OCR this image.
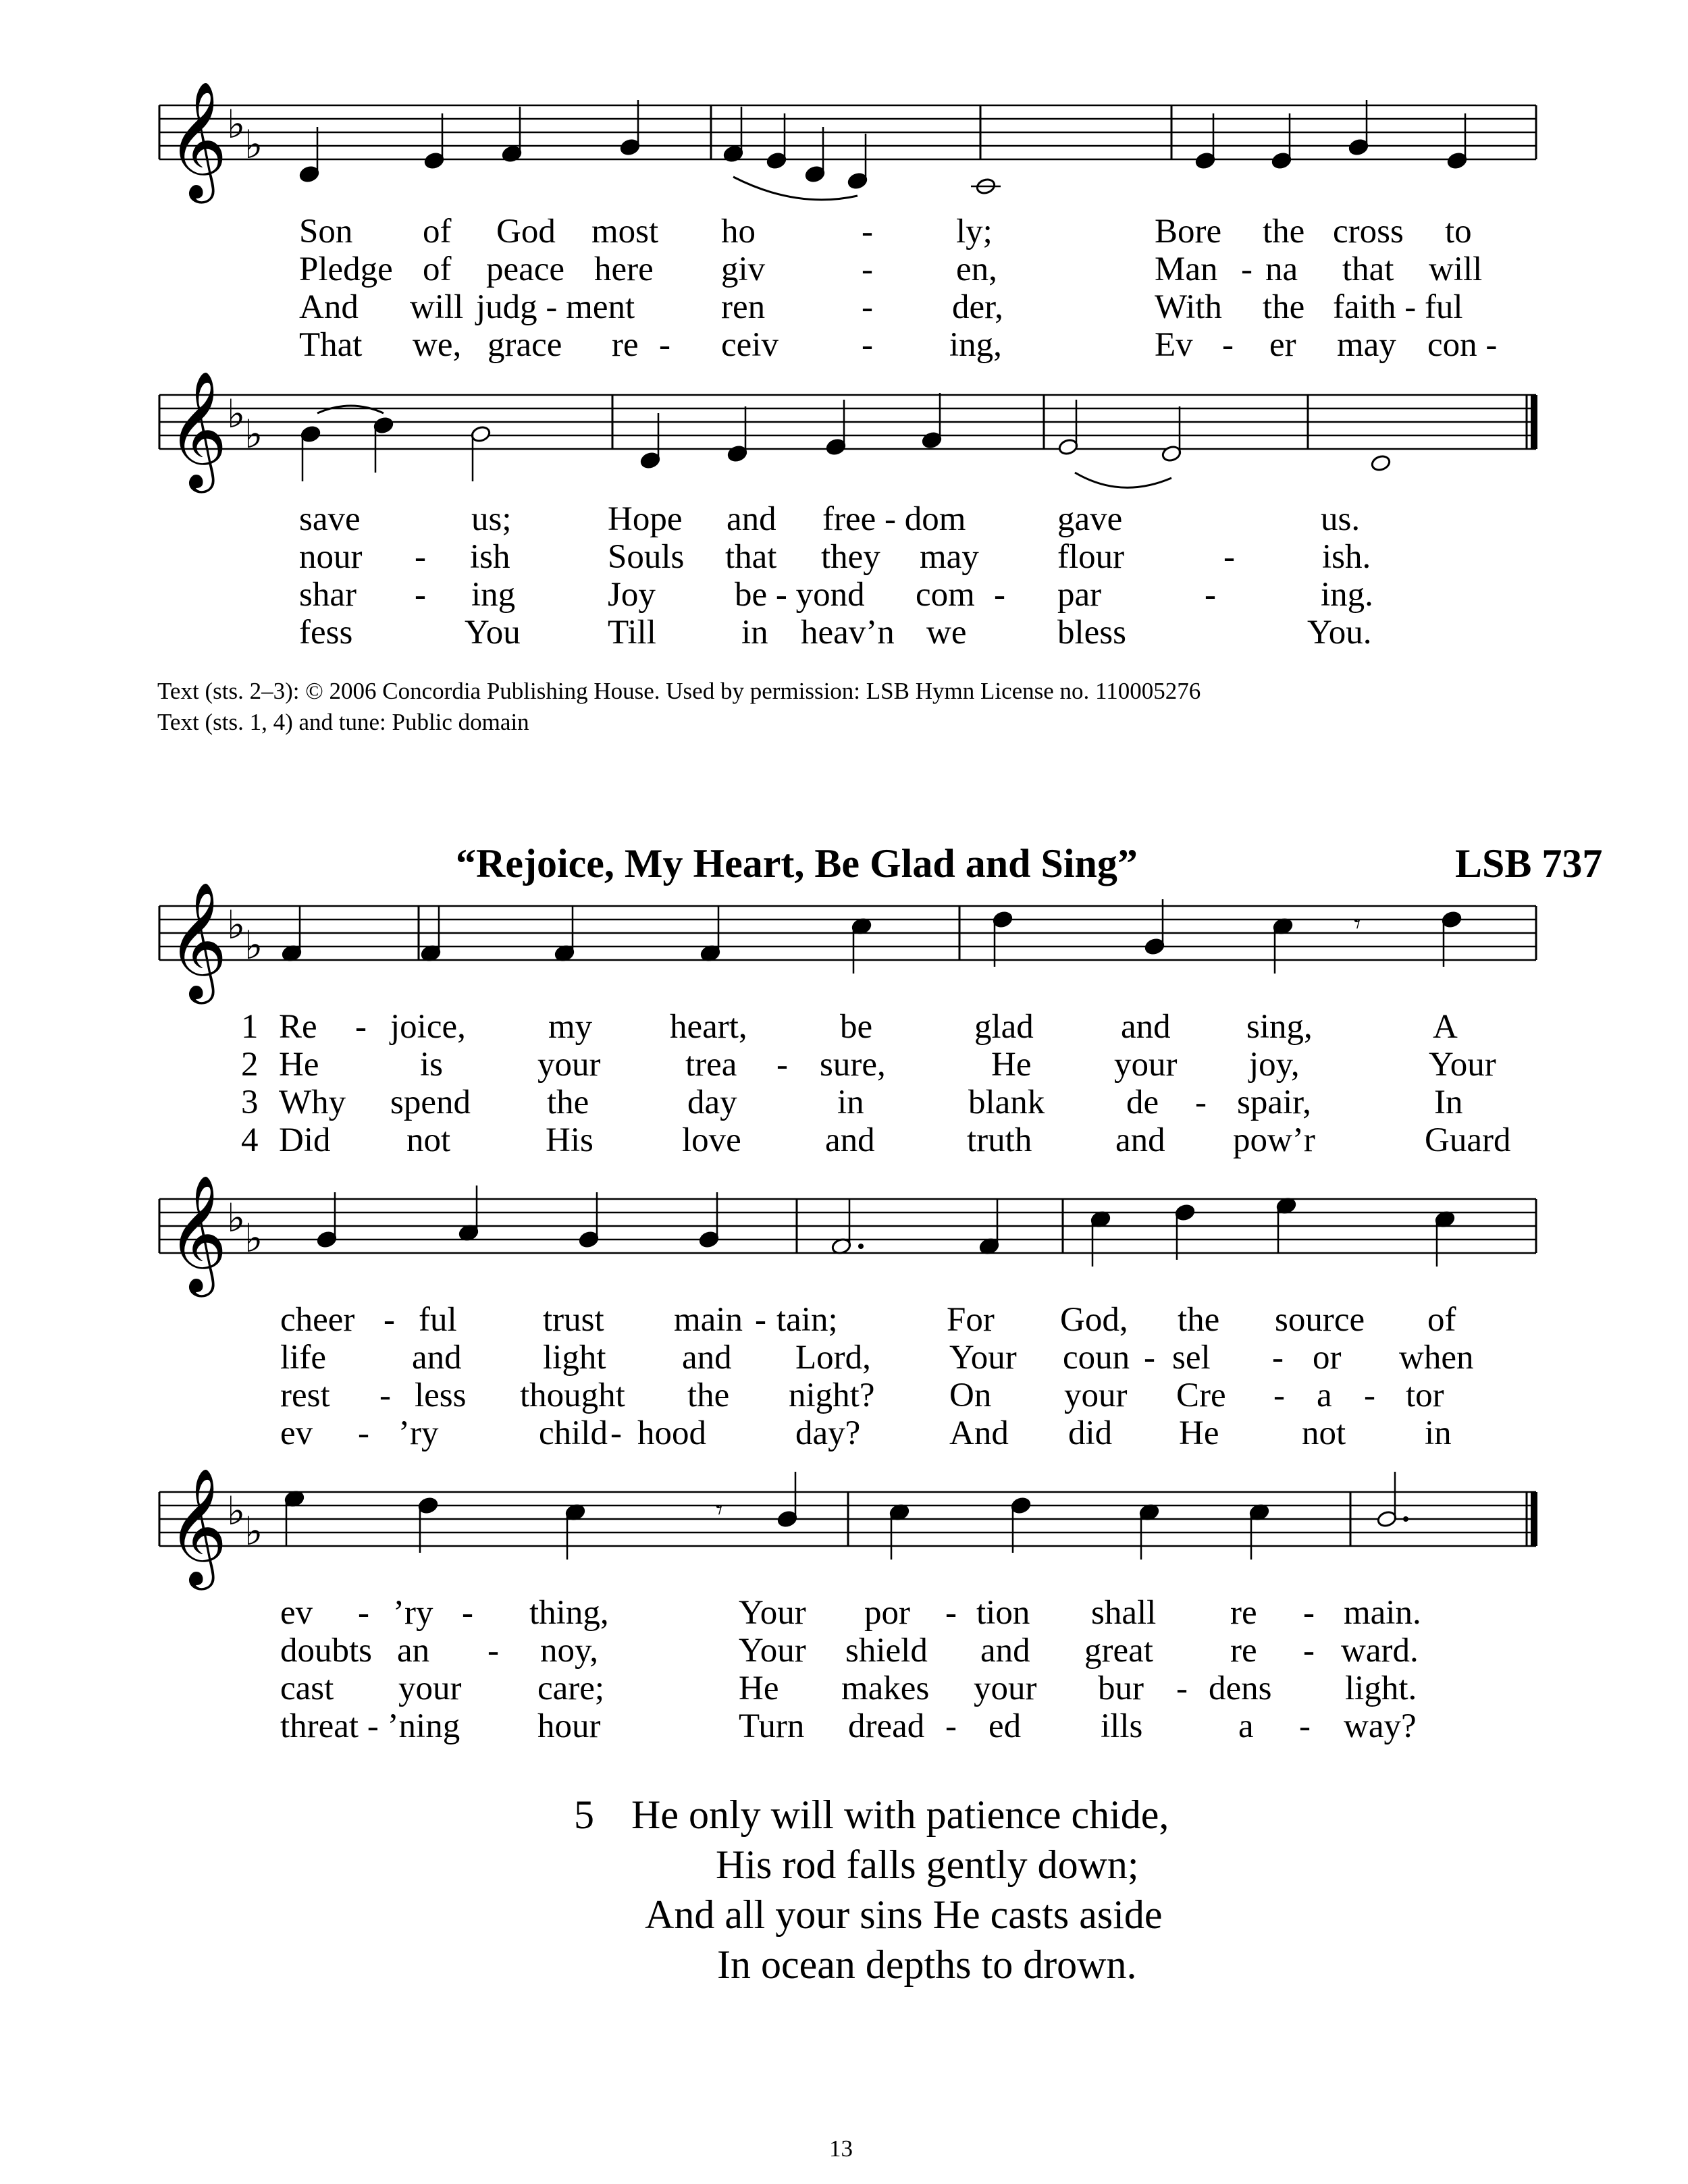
𝄞 ♭
♭
𝄞 ♭
♭
𝄞 ♭
♭
𝄞 ♭
♭
𝄞 ♭
♭
𝄾
𝄾
Son of God most ho	- ly;	Bore the cross to
Pledge of peace here giv	- en,	Man - na that will
And will judg - ment	ren	- der,	With the faith - ful
That we, grace re - ceiv - ing,	Ev - er may con -
save	us;	Hope and free - dom	gave	us.
nour - ish	Souls that they may flour	-	ish.
shar - ing	Joy be - yond com - par	-	ing.
fess	You	Till in heav’n we	bless	You.
Text (sts. 2–3): © 2006 Concordia Publishing House. Used by permission: LSB Hymn License no. 110005276
Text (sts. 1, 4) and tune: Public domain
“Rejoice, My Heart, Be Glad and Sing”	LSB 737
1 Re - joice, my heart,	be	glad	and sing,	A
2 He	is	your trea - sure,	He your joy,	Your
3 Why spend the	day	in	blank de - spair,	In
4 Did not	His	love and	truth and pow’r	Guard
cheer - ful trust main - tain;	For God, the source of
life and light and Lord, Your coun - sel - or when
rest - less thought the night? On your Cre - a - tor
ev - ’ry	child - hood	day?	And did He not in
ev - ’ry - thing,	Your por - tion shall re - main.
doubts an - noy,	Your shield and great re - ward.
cast your care;	He makes your bur - dens light.
threat - ’ning hour	Turn dread - ed ills	a - way?
5 He only will with patience chide,
His rod falls gently down;
And all your sins He casts aside
In ocean depths to drown.
13
